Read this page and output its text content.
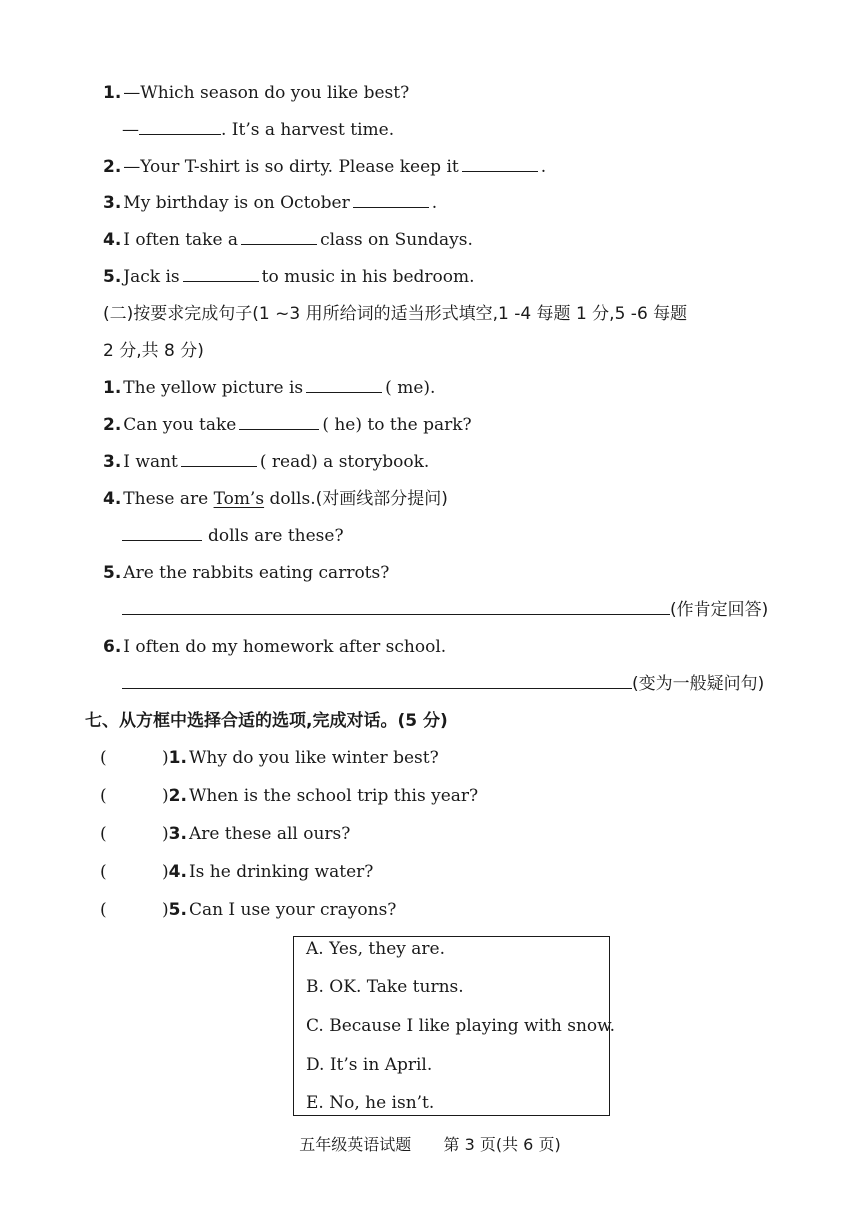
1. —Which season do you like best?
—	. It’s a harvest time.
2. —Your T-shirt is so dirty. Please keep it	.
3. My birthday is on October	.
4. I often take a	class on Sundays.
5. Jack is	to music in his bedroom.
(二)按要求完成句子(1 ~3 用所给词的适当形式填空,1 -4 每题 1 分,5 -6 每题
2 分,共 8 分)
1. The yellow picture is	( me).
2. Can you take	( he) to the park?
3. I want	( read) a storybook.
4. These are Tom’s dolls.(对画线部分提问)
dolls are these?
5. Are the rabbits eating carrots?
(作肯定回答)
6. I often do my homework after school.
(变为一般疑问句)
七、从方框中选择合适的选项,完成对话。(5 分)
(	)1. Why do you like winter best?
(	)2. When is the school trip this year?
(	)3. Are these all ours?
(	)4. Is he drinking water?
(	)5. Can I use your crayons?
A. Yes, they are.
B. OK. Take turns.
C. Because I like playing with snow.
D. It’s in April.
E. No, he isn’t.
五年级英语试题 第 3 页(共 6 页)
